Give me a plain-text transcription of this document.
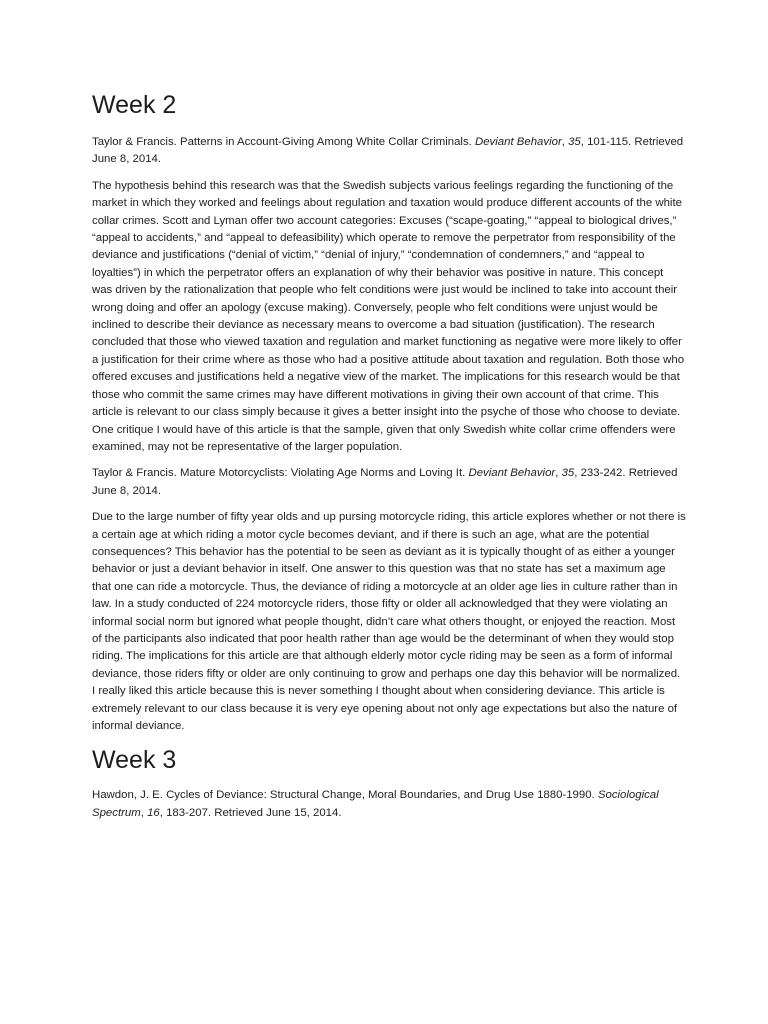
Week 2

Taylor & Francis. Patterns in Account-Giving Among White Collar Criminals. Deviant Behavior, 35, 101-115. Retrieved June 8, 2014.

The hypothesis behind this research was that the Swedish subjects various feelings regarding the functioning of the market in which they worked and feelings about regulation and taxation would produce different accounts of the white collar crimes. Scott and Lyman offer two account categories: Excuses (“scape-goating,” “appeal to biological drives,” “appeal to accidents,” and “appeal to defeasibility) which operate to remove the perpetrator from responsibility of the deviance and justifications (“denial of victim,” “denial of injury,” “condemnation of condemners,” and “appeal to loyalties”) in which the perpetrator offers an explanation of why their behavior was positive in nature. This concept was driven by the rationalization that people who felt conditions were just would be inclined to take into account their wrong doing and offer an apology (excuse making). Conversely, people who felt conditions were unjust would be inclined to describe their deviance as necessary means to overcome a bad situation (justification). The research concluded that those who viewed taxation and regulation and market functioning as negative were more likely to offer a justification for their crime where as those who had a positive attitude about taxation and regulation. Both those who offered excuses and justifications held a negative view of the market. The implications for this research would be that those who commit the same crimes may have different motivations in giving their own account of that crime. This article is relevant to our class simply because it gives a better insight into the psyche of those who choose to deviate. One critique I would have of this article is that the sample, given that only Swedish white collar crime offenders were examined, may not be representative of the larger population.

Taylor & Francis. Mature Motorcyclists: Violating Age Norms and Loving It. Deviant Behavior, 35, 233-242. Retrieved June 8, 2014.

Due to the large number of fifty year olds and up pursing motorcycle riding, this article explores whether or not there is a certain age at which riding a motor cycle becomes deviant, and if there is such an age, what are the potential consequences? This behavior has the potential to be seen as deviant as it is typically thought of as either a younger behavior or just a deviant behavior in itself. One answer to this question was that no state has set a maximum age that one can ride a motorcycle. Thus, the deviance of riding a motorcycle at an older age lies in culture rather than in law. In a study conducted of 224 motorcycle riders, those fifty or older all acknowledged that they were violating an informal social norm but ignored what people thought, didn’t care what others thought, or enjoyed the reaction. Most of the participants also indicated that poor health rather than age would be the determinant of when they would stop riding. The implications for this article are that although elderly motor cycle riding may be seen as a form of informal deviance, those riders fifty or older are only continuing to grow and perhaps one day this behavior will be normalized. I really liked this article because this is never something I thought about when considering deviance. This article is extremely relevant to our class because it is very eye opening about not only age expectations but also the nature of informal deviance.

Week 3

Hawdon, J. E. Cycles of Deviance: Structural Change, Moral Boundaries, and Drug Use 1880-1990. Sociological Spectrum, 16, 183-207. Retrieved June 15, 2014.
